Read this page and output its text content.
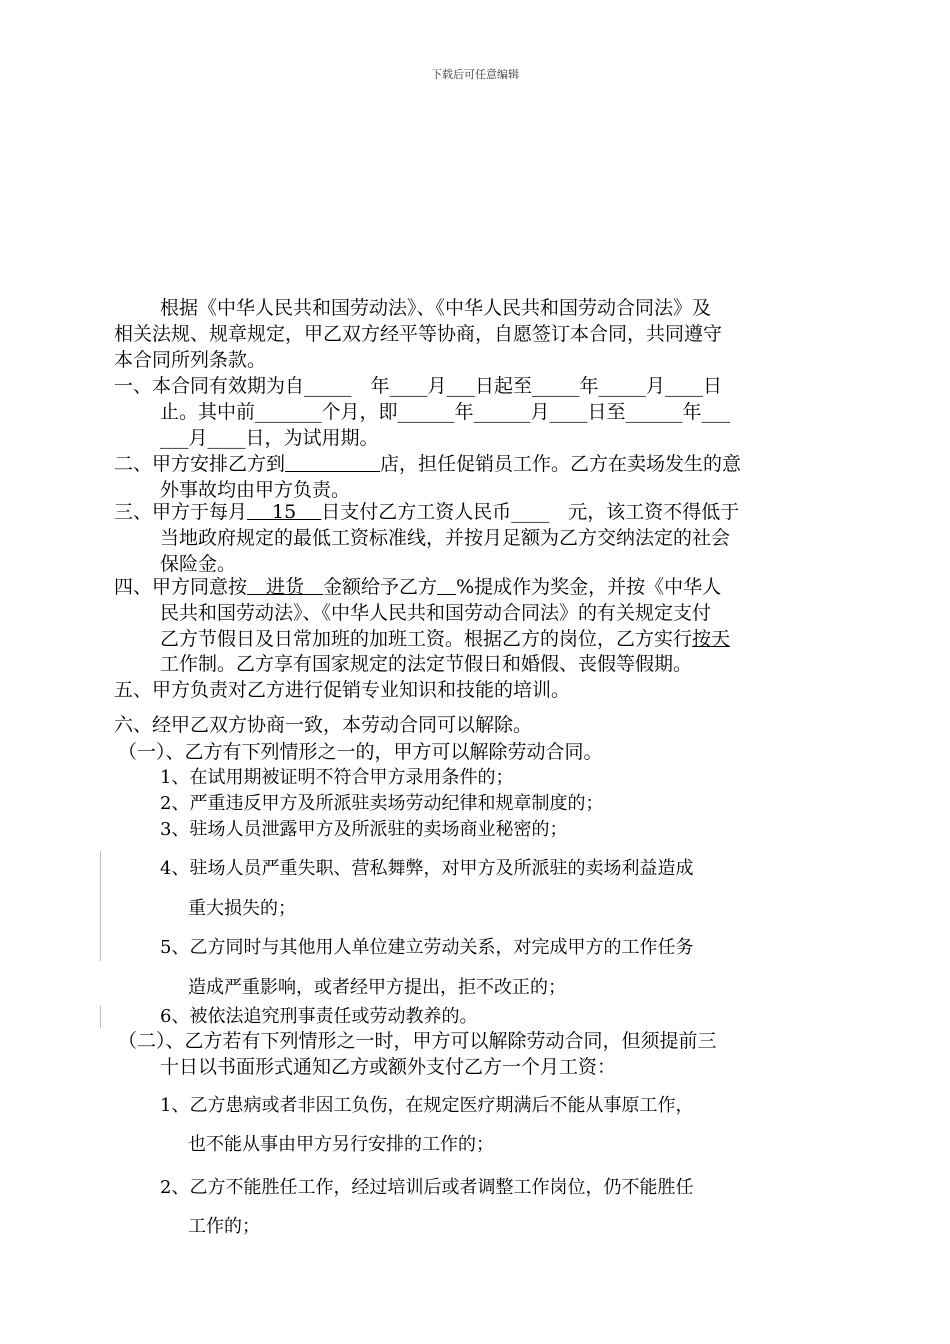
下载后可任意编辑
根据《中华人民共和国劳动法》、《中华人民共和国劳动合同法》及
相关法规、规章规定，甲乙双方经平等协商，自愿签订本合同，共同遵守
本合同所列条款。
一、本合同有效期为自_____　年____月___日起至_____年_____月____日
止。其中前_______个月，即______年______月____日至______年___
___月____日，为试用期。
二、甲方安排乙方到　　　　　	店，担任促销员工作。乙方在卖场发生的意
外事故均由甲方负责。
三、甲方于每月　 15 　日支付乙方工资人民币____　元，该工资不得低于
当地政府规定的最低工资标准线，并按月足额为乙方交纳法定的社会
保险金。
四、甲方同意按　进货　金额给予乙方　 %提成作为奖金，并按《中华人
民共和国劳动法》、《中华人民共和国劳动合同法》的有关规定支付
乙方节假日及日常加班的加班工资。根据乙方的岗位，乙方实行按天
工作制。乙方享有国家规定的法定节假日和婚假、丧假等假期。
五、甲方负责对乙方进行促销专业知识和技能的培训。
六、经甲乙双方协商一致，本劳动合同可以解除。
（一）、乙方有下列情形之一的，甲方可以解除劳动合同。
1、在试用期被证明不符合甲方录用条件的；
2、严重违反甲方及所派驻卖场劳动纪律和规章制度的；
3、驻场人员泄露甲方及所派驻的卖场商业秘密的；
4、驻场人员严重失职、营私舞弊，对甲方及所派驻的卖场利益造成
重大损失的；
5、乙方同时与其他用人单位建立劳动关系，对完成甲方的工作任务
造成严重影响，或者经甲方提出，拒不改正的；
6、被依法追究刑事责任或劳动教养的。
（二）、乙方若有下列情形之一时，甲方可以解除劳动合同，但须提前三
十日以书面形式通知乙方或额外支付乙方一个月工资：
1、乙方患病或者非因工负伤，在规定医疗期满后不能从事原工作，
也不能从事由甲方另行安排的工作的；
2、乙方不能胜任工作，经过培训后或者调整工作岗位，仍不能胜任
工作的；
